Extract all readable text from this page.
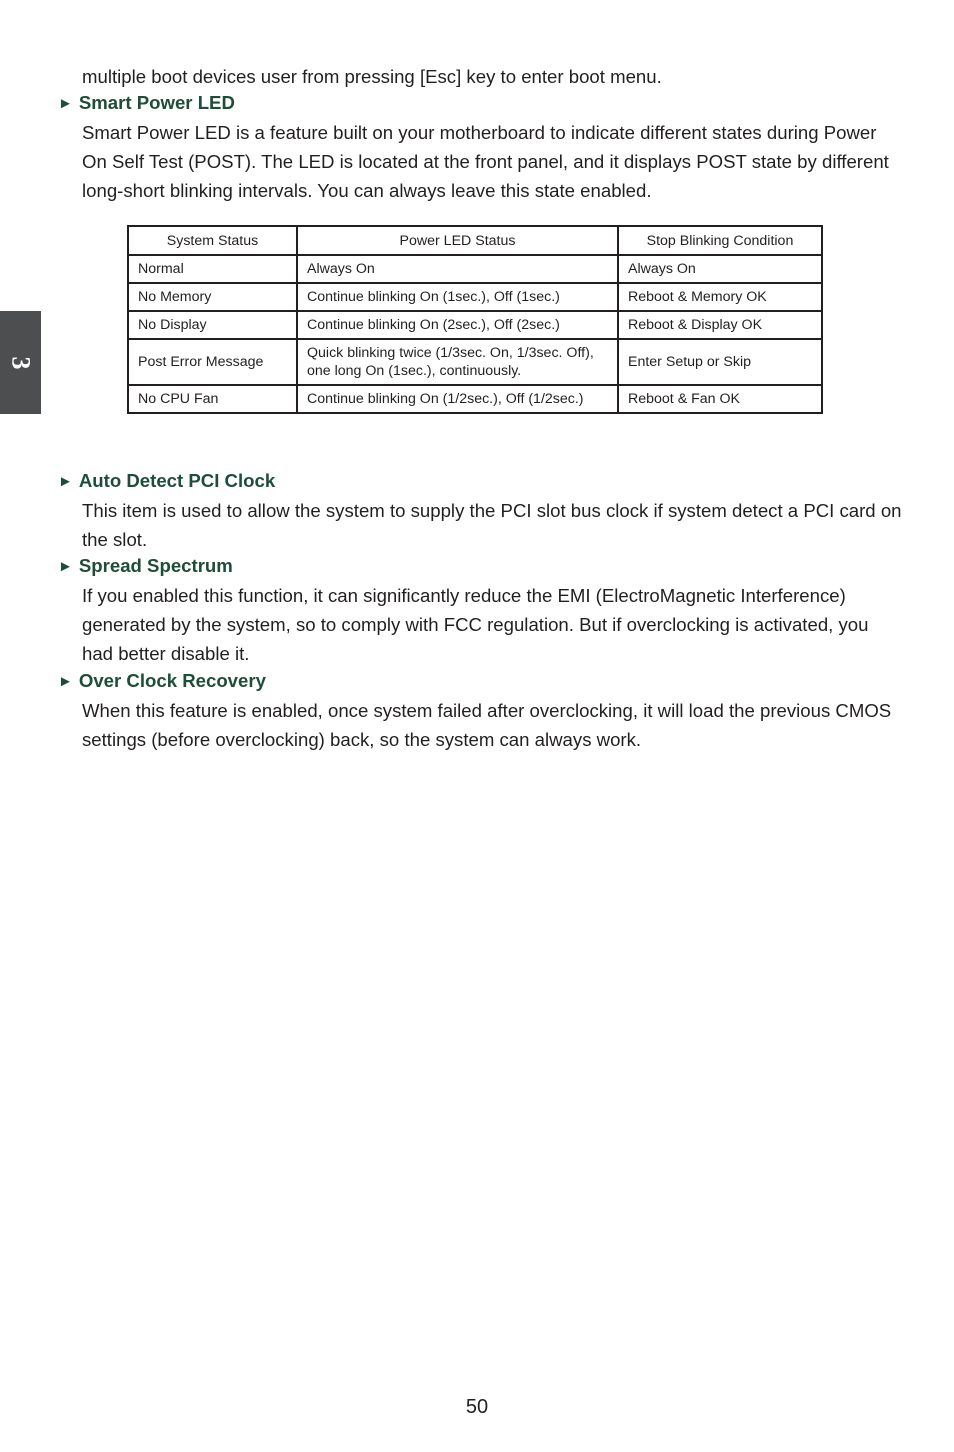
3

multiple boot devices user from pressing [Esc] key to enter boot menu.

► Smart Power LED

Smart Power LED is a feature built on your motherboard to indicate different states during Power On Self Test (POST). The LED is located at the front panel, and it displays POST state by different long-short blinking intervals. You can always leave this state enabled.

System Status	Power LED Status	Stop Blinking Condition
Normal	Always On	Always On
No Memory	Continue blinking On (1sec.), Off (1sec.)	Reboot & Memory OK
No Display	Continue blinking On (2sec.), Off (2sec.)	Reboot & Display OK
Post Error Message	Quick blinking twice (1/3sec. On, 1/3sec. Off), one long On (1sec.), continuously.	Enter Setup or Skip
No CPU Fan	Continue blinking On (1/2sec.), Off (1/2sec.)	Reboot & Fan OK
► Auto Detect PCI Clock

This item is used to allow the system to supply the PCI slot bus clock if system detect a PCI card on the slot.

► Spread Spectrum

If you enabled this function, it can significantly reduce the EMI (ElectroMagnetic Interference) generated by the system, so to comply with FCC regulation. But if overclocking is activated, you had better disable it.

► Over Clock Recovery

When this feature is enabled, once system failed after overclocking, it will load the previous CMOS settings (before overclocking) back, so the system can always work.

50
